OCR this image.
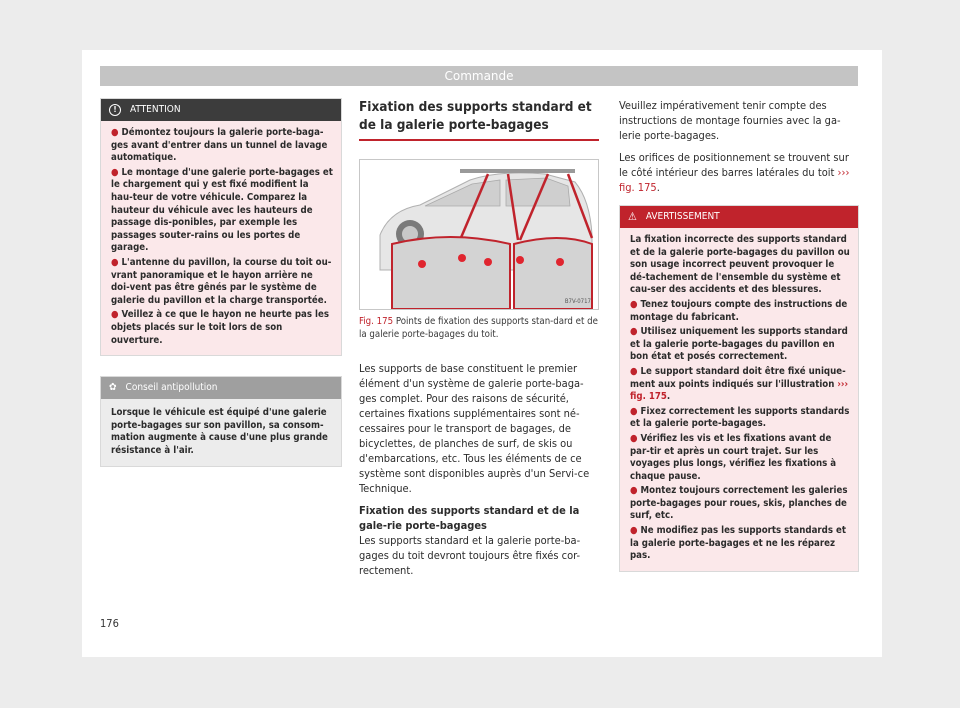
Commande
!	ATTENTION

● Démontez toujours la galerie porte-baga-ges avant d'entrer dans un tunnel de lavage automatique.

● Le montage d'une galerie porte-bagages et le chargement qui y est fixé modifient la hau-teur de votre véhicule. Comparez la hauteur du véhicule avec les hauteurs de passage dis-ponibles, par exemple les passages souter-rains ou les portes de garage.

● L'antenne du pavillon, la course du toit ou-vrant panoramique et le hayon arrière ne doi-vent pas être gênés par le système de galerie du pavillon et la charge transportée.

● Veillez à ce que le hayon ne heurte pas les objets placés sur le toit lors de son ouverture.

✿ Conseil antipollution
Lorsque le véhicule est équipé d'une galerie porte-bagages sur son pavillon, sa consom-mation augmente à cause d'une plus grande résistance à l'air.
Fixation des supports standard et de la galerie porte-bagages
B7V-0717
Fig. 175 Points de fixation des supports stan-dard et de la galerie porte-bagages du toit.

Les supports de base constituent le premier élément d'un système de galerie porte-baga-ges complet. Pour des raisons de sécurité, certaines fixations supplémentaires sont né-cessaires pour le transport de bagages, de bicyclettes, de planches de surf, de skis ou d'embarcations, etc. Tous les éléments de ce système sont disponibles auprès d'un Servi-ce Technique.

Fixation des supports standard et de la gale-rie porte-bagages

Les supports standard et la galerie porte-ba-gages du toit devront toujours être fixés cor-rectement.

Veuillez impérativement tenir compte des instructions de montage fournies avec la ga-lerie porte-bagages.

Les orifices de positionnement se trouvent sur le côté intérieur des barres latérales du toit ››› fig. 175.

⚠ AVERTISSEMENT
La fixation incorrecte des supports standard et de la galerie porte-bagages du pavillon ou son usage incorrect peuvent provoquer le dé-tachement de l'ensemble du système et cau-ser des accidents et des blessures.

● Tenez toujours compte des instructions de montage du fabricant.

● Utilisez uniquement les supports standard et la galerie porte-bagages du pavillon en bon état et posés correctement.

● Le support standard doit être fixé unique-ment aux points indiqués sur l'illustration ››› fig. 175.

● Fixez correctement les supports standards et la galerie porte-bagages.

● Vérifiez les vis et les fixations avant de par-tir et après un court trajet. Sur les voyages plus longs, vérifiez les fixations à chaque pause.

● Montez toujours correctement les galeries porte-bagages pour roues, skis, planches de surf, etc.

● Ne modifiez pas les supports standards et la galerie porte-bagages et ne les réparez pas.

176
